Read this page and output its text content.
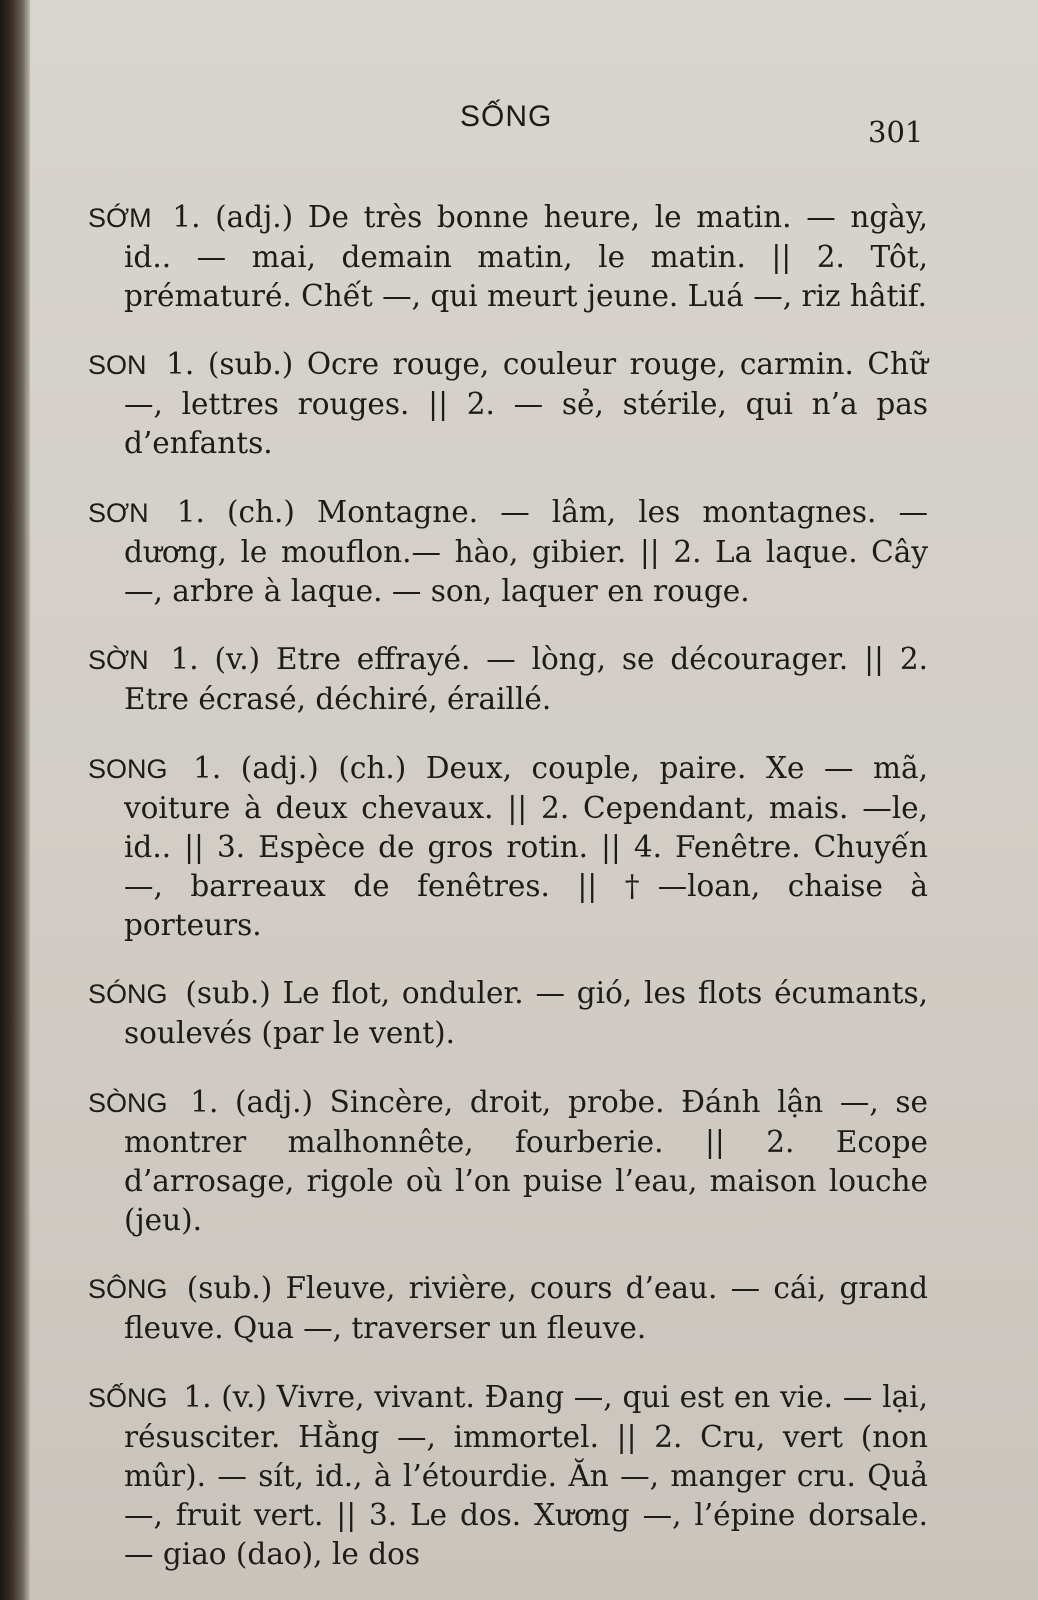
SỐNG	301

SỚM 1. (adj.) De très bonne heure, le matin. — ngày, id.. — mai, demain matin, le matin. || 2. Tôt, prématuré. Chết —, qui meurt jeune. Luá —, riz hâtif.

SON 1. (sub.) Ocre rouge, couleur rouge, carmin. Chữ —, lettres rouges. || 2. — sẻ, stérile, qui n’a pas d’enfants.

SƠN 1. (ch.) Montagne. — lâm, les montagnes. — dương, le mouflon.— hào, gibier. || 2. La laque. Cây —, arbre à laque. — son, laquer en rouge.

SỜN 1. (v.) Etre effrayé. — lòng, se décourager. || 2. Etre écrasé, déchiré, éraillé.

SONG 1. (adj.) (ch.) Deux, couple, paire. Xe — mã, voiture à deux chevaux. || 2. Cependant, mais. —le, id.. || 3. Espèce de gros rotin. || 4. Fenêtre. Chuyến —, barreaux de fenêtres. || †—loan, chaise à porteurs.

SÓNG (sub.) Le flot, onduler. — gió, les flots écumants, soulevés (par le vent).

SÒNG 1. (adj.) Sincère, droit, probe. Đánh lận —, se montrer malhonnête, fourberie. || 2. Ecope d’arrosage, rigole où l’on puise l’eau, maison louche (jeu).

SÔNG (sub.) Fleuve, rivière, cours d’eau. — cái, grand fleuve. Qua —, traverser un fleuve.

SỐNG 1. (v.) Vivre, vivant. Đang —, qui est en vie. — lại, résusciter. Hằng —, immortel. || 2. Cru, vert (non mûr). — sít, id., à l’étourdie. Ăn —, manger cru. Quả —, fruit vert. || 3. Le dos. Xương —, l’épine dorsale. — giao (dao), le dos
